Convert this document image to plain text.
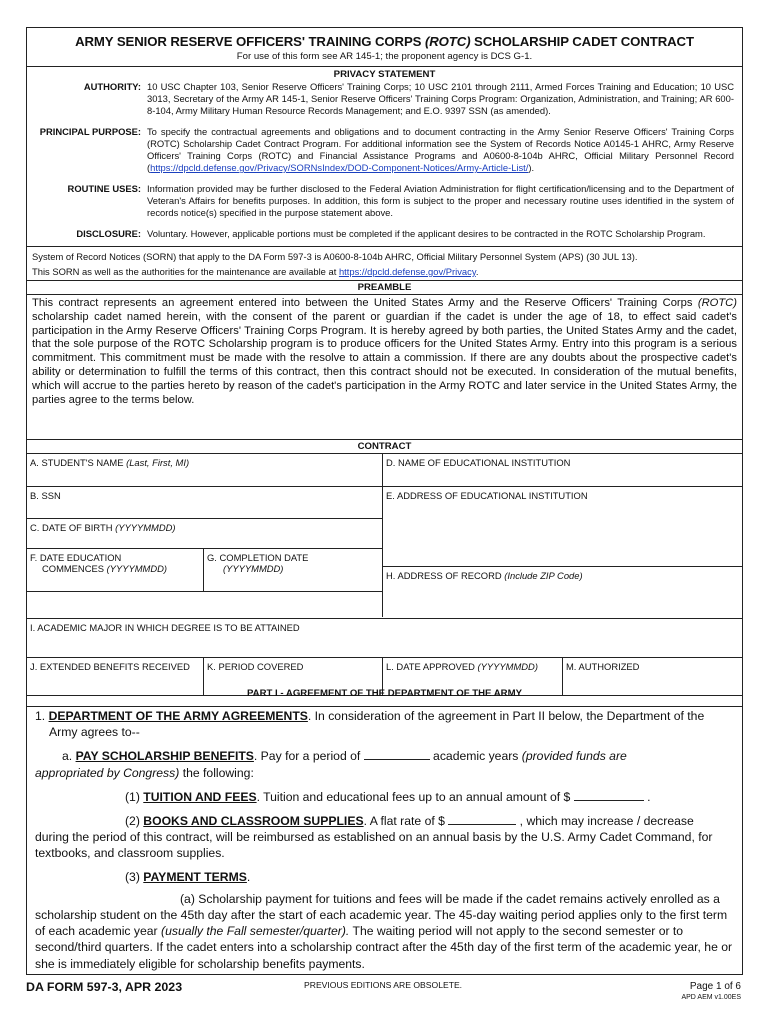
ARMY SENIOR RESERVE OFFICERS' TRAINING CORPS (ROTC) SCHOLARSHIP CADET CONTRACT
For use of this form see AR 145-1; the proponent agency is DCS G-1.
PRIVACY STATEMENT
AUTHORITY: 10 USC Chapter 103, Senior Reserve Officers' Training Corps; 10 USC 2101 through 2111, Armed Forces Training and Education; 10 USC 3013, Secretary of the Army AR 145-1, Senior Reserve Officers' Training Corps Program: Organization, Administration, and Training; AR 600-8-104, Army Military Human Resource Records Management; and E.O. 9397 SSN (as amended).
PRINCIPAL PURPOSE: To specify the contractual agreements and obligations and to document contracting in the Army Senior Reserve Officers' Training Corps (ROTC) Scholarship Cadet Contract Program. For additional information see the System of Records Notice A0145-1 AHRC, Army Reserve Officers' Training Corps (ROTC) and Financial Assistance Programs and A0600-8-104b AHRC, Official Military Personnel Record (https://dpcld.defense.gov/Privacy/SORNsIndex/DOD-Component-Notices/Army-Article-List/).
ROUTINE USES: Information provided may be further disclosed to the Federal Aviation Administration for flight certification/licensing and to the Department of Veteran's Affairs for benefits purposes. In addition, this form is subject to the proper and necessary routine uses identified in the system of records notice(s) specified in the purpose statement above.
DISCLOSURE: Voluntary. However, applicable portions must be completed if the applicant desires to be contracted in the ROTC Scholarship Program.
System of Record Notices (SORN) that apply to the DA Form 597-3 is A0600-8-104b AHRC, Official Military Personnel System (APS) (30 JUL 13).
This SORN as well as the authorities for the maintenance are available at https://dpcld.defense.gov/Privacy.
PREAMBLE
This contract represents an agreement entered into between the United States Army and the Reserve Officers' Training Corps (ROTC) scholarship cadet named herein, with the consent of the parent or guardian if the cadet is under the age of 18, to effect said cadet's participation in the Army Reserve Officers' Training Corps Program. It is hereby agreed by both parties, the United States Army and the cadet, that the sole purpose of the ROTC Scholarship program is to produce officers for the United States Army. Entry into this program is a serious commitment. This commitment must be made with the resolve to attain a commission. If there are any doubts about the prospective cadet's ability or determination to fulfill the terms of this contract, then this contract should not be executed. In consideration of the mutual benefits, which will accrue to the parties hereto by reason of the cadet's participation in the Army ROTC and later service in the United States Army, the parties agree to the terms below.
CONTRACT
A. STUDENT'S NAME (Last, First, MI)
B. SSN
C. DATE OF BIRTH (YYYYMMDD)
F. DATE EDUCATION
COMMENCES (YYYYMMDD)
G. COMPLETION DATE
(YYYYMMDD)
D. NAME OF EDUCATIONAL INSTITUTION
E. ADDRESS OF EDUCATIONAL INSTITUTION
H. ADDRESS OF RECORD (Include ZIP Code)
I. ACADEMIC MAJOR IN WHICH DEGREE IS TO BE ATTAINED
J. EXTENDED BENEFITS RECEIVED	K. PERIOD COVERED	L. DATE APPROVED (YYYYMMDD)	M. AUTHORIZED
PART I - AGREEMENT OF THE DEPARTMENT OF THE ARMY
1. DEPARTMENT OF THE ARMY AGREEMENTS. In consideration of the agreement in Part II below, the Department of the
Army agrees to--
a. PAY SCHOLARSHIP BENEFITS. Pay for a period of	academic years (provided funds are
appropriated by Congress) the following:
(1) TUITION AND FEES. Tuition and educational fees up to an annual amount of $	.
(2) BOOKS AND CLASSROOM SUPPLIES. A flat rate of $	, which may increase / decrease
during the period of this contract, will be reimbursed as established on an annual basis by the U.S. Army Cadet Command, for textbooks, and classroom supplies.
(3) PAYMENT TERMS.
(a) Scholarship payment for tuitions and fees will be made if the cadet remains actively enrolled as a scholarship student on the 45th day after the start of each academic year. The 45-day waiting period applies only to the first term of each academic year (usually the Fall semester/quarter). The waiting period will not apply to the second semester or to second/third quarters. If the cadet enters into a scholarship contract after the 45th day of the first term of the academic year, he or she is immediately eligible for scholarship benefits payments.
DA FORM 597-3, APR 2023	PREVIOUS EDITIONS ARE OBSOLETE.	Page 1 of 6
APD AEM v1.00ES
